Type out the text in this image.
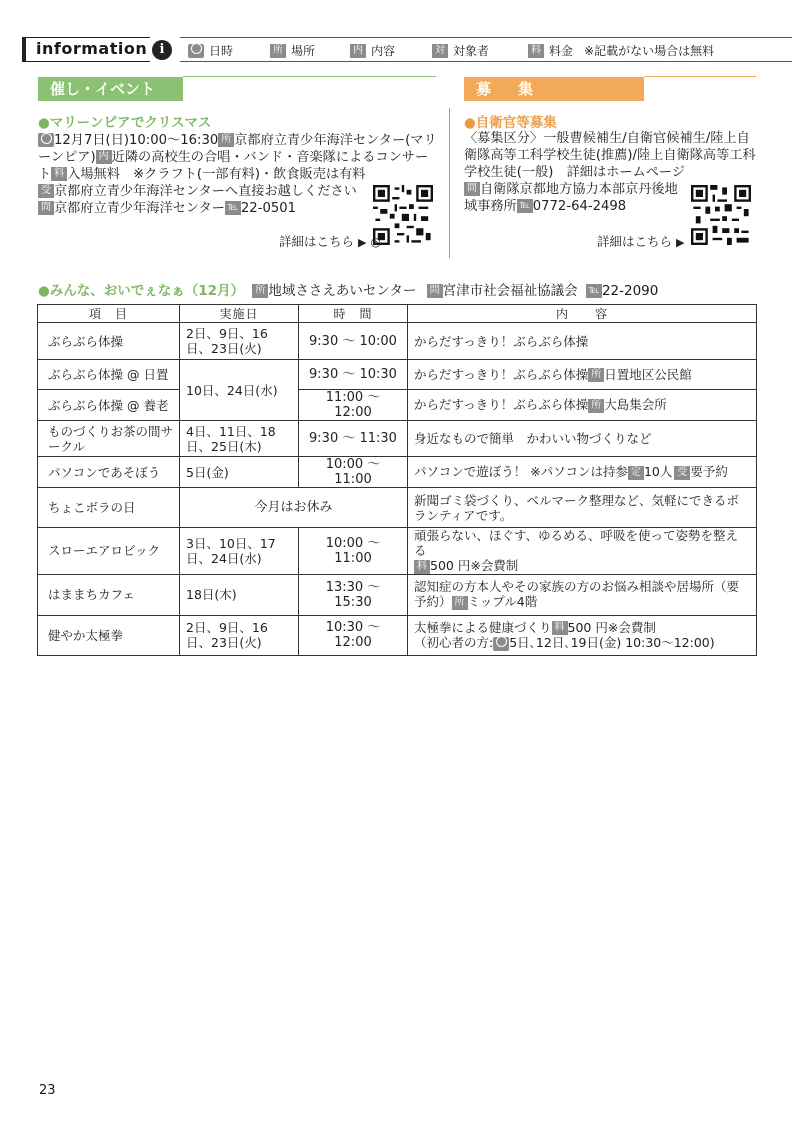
information i	日時	所 場所	内 内容	対 対象者	料 料金 ※記載がない場合は無料
催し・イベント
●マリーンピアでクリスマス
12月7日(日)10:00～16:30 所 京都府立青少年海洋センター(マリーンピア) 内 近隣の高校生の合唱・バンド・音楽隊によるコンサート 料 入場無料　※クラフト(一部有料)・飲食販売は有料
受 京都府立青少年海洋センターへ直接お越しください問 京都府立青少年海洋センター ℡ 22-0501
詳細はこちら ▶ ◎
募　集
●自衛官等募集
〈募集区分〉一般曹候補生/自衛官候補生/陸上自衛隊高等工科学校生徒(推薦)/陸上自衛隊高等工科学校生徒(一般)　詳細はホームページ
問 自衛隊京都地方協力本部京丹後地域事務所 ℡ 0772-64-2498
詳細はこちら ▶
●みんな、おいでぇなぁ（12月） 所 地域ささえあいセンター 問 宮津市社会福祉協議会 ℡ 22-2090
項　目	実施日	時　間	内　　容
ぶらぶら体操	2日、9日、16日、23日(火)	9:30 ～ 10:00	からだすっきり！ぶらぶら体操
ぶらぶら体操 @ 日置	10日、24日(水)	9:30 ～ 10:30	からだすっきり！ぶらぶら体操 所 日置地区公民館
ぶらぶら体操 @ 養老		11:00 ～ 12:00	からだすっきり！ぶらぶら体操 所 大島集会所
ものづくりお茶の間サークル	4日、11日、18日、25日(木)	9:30 ～ 11:30	身近なもので簡単　かわいい物づくりなど
パソコンであそぼう	5日(金)	10:00 ～ 11:00	パソコンで遊ぼう！ ※パソコンは持参 定 10人 受 要予約
ちょこボラの日	今月はお休み		新聞ゴミ袋づくり、ベルマーク整理など、気軽にできるボランティアです。
スローエアロビック	3日、10日、17日、24日(水)	10:00 ～ 11:00	頑張らない、ほぐす、ゆるめる、呼吸を使って姿勢を整える
料 500 円※会費制
はままちカフェ	18日(木)	13:30 ～ 15:30	認知症の方本人やその家族の方のお悩み相談や居場所（要予約） 所 ミップル4階
健やか太極拳	2日、9日、16日、23日(火)	10:30 ～ 12:00	太極拳による健康づくり 料 500 円※会費制
（初心者の方: 5日､12日､19日(金) 10:30～12:00)
23
